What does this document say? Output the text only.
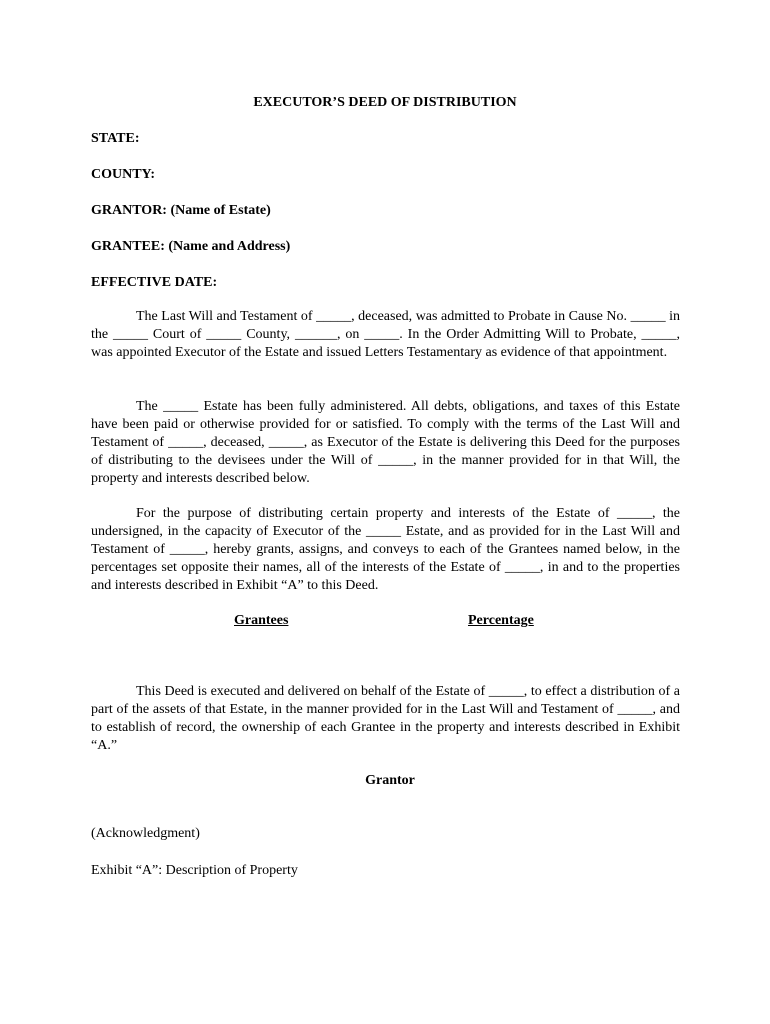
EXECUTOR’S DEED OF DISTRIBUTION
STATE:
COUNTY:
GRANTOR: (Name of Estate)
GRANTEE: (Name and Address)
EFFECTIVE DATE:

The Last Will and Testament of _____, deceased, was admitted to Probate in Cause No. _____ in the _____ Court of _____ County, ______, on _____. In the Order Admitting Will to Probate, _____, was appointed Executor of the Estate and issued Letters Testamentary as evidence of that appointment.

The _____ Estate has been fully administered. All debts, obligations, and taxes of this Estate have been paid or otherwise provided for or satisfied. To comply with the terms of the Last Will and Testament of _____, deceased, _____, as Executor of the Estate is delivering this Deed for the purposes of distributing to the devisees under the Will of _____, in the manner provided for in that Will, the property and interests described below.

For the purpose of distributing certain property and interests of the Estate of _____, the undersigned, in the capacity of Executor of the _____ Estate, and as provided for in the Last Will and Testament of _____, hereby grants, assigns, and conveys to each of the Grantees named below, in the percentages set opposite their names, all of the interests of the Estate of _____, in and to the properties and interests described in Exhibit “A” to this Deed.

Grantees	Percentage

This Deed is executed and delivered on behalf of the Estate of _____, to effect a distribution of a part of the assets of that Estate, in the manner provided for in the Last Will and Testament of _____, and to establish of record, the ownership of each Grantee in the property and interests described in Exhibit “A.”

Grantor
(Acknowledgment)
Exhibit “A”: Description of Property
